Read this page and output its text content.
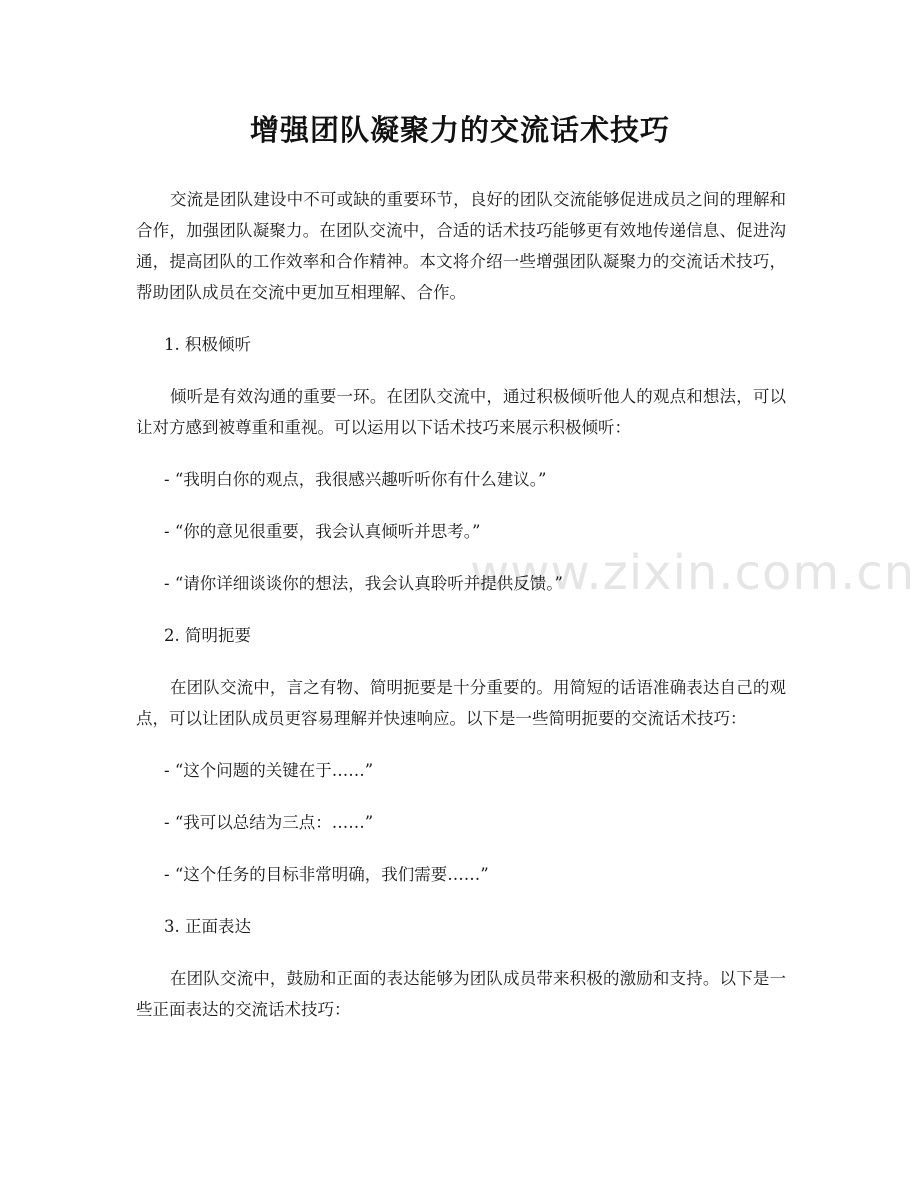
增强团队凝聚力的交流话术技巧

交流是团队建设中不可或缺的重要环节，良好的团队交流能够促进成员之间的理解和合作，加强团队凝聚力。在团队交流中，合适的话术技巧能够更有效地传递信息、促进沟通，提高团队的工作效率和合作精神。本文将介绍一些增强团队凝聚力的交流话术技巧，帮助团队成员在交流中更加互相理解、合作。

1. 积极倾听

倾听是有效沟通的重要一环。在团队交流中，通过积极倾听他人的观点和想法，可以让对方感到被尊重和重视。可以运用以下话术技巧来展示积极倾听：

- “我明白你的观点，我很感兴趣听听你有什么建议。”

- “你的意见很重要，我会认真倾听并思考。”

- “请你详细谈谈你的想法，我会认真聆听并提供反馈。”

2. 简明扼要

在团队交流中，言之有物、简明扼要是十分重要的。用简短的话语准确表达自己的观点，可以让团队成员更容易理解并快速响应。以下是一些简明扼要的交流话术技巧：

- “这个问题的关键在于……”

- “我可以总结为三点：……”

- “这个任务的目标非常明确，我们需要……”

3. 正面表达

在团队交流中，鼓励和正面的表达能够为团队成员带来积极的激励和支持。以下是一些正面表达的交流话术技巧：

www.zixin.com.cn
